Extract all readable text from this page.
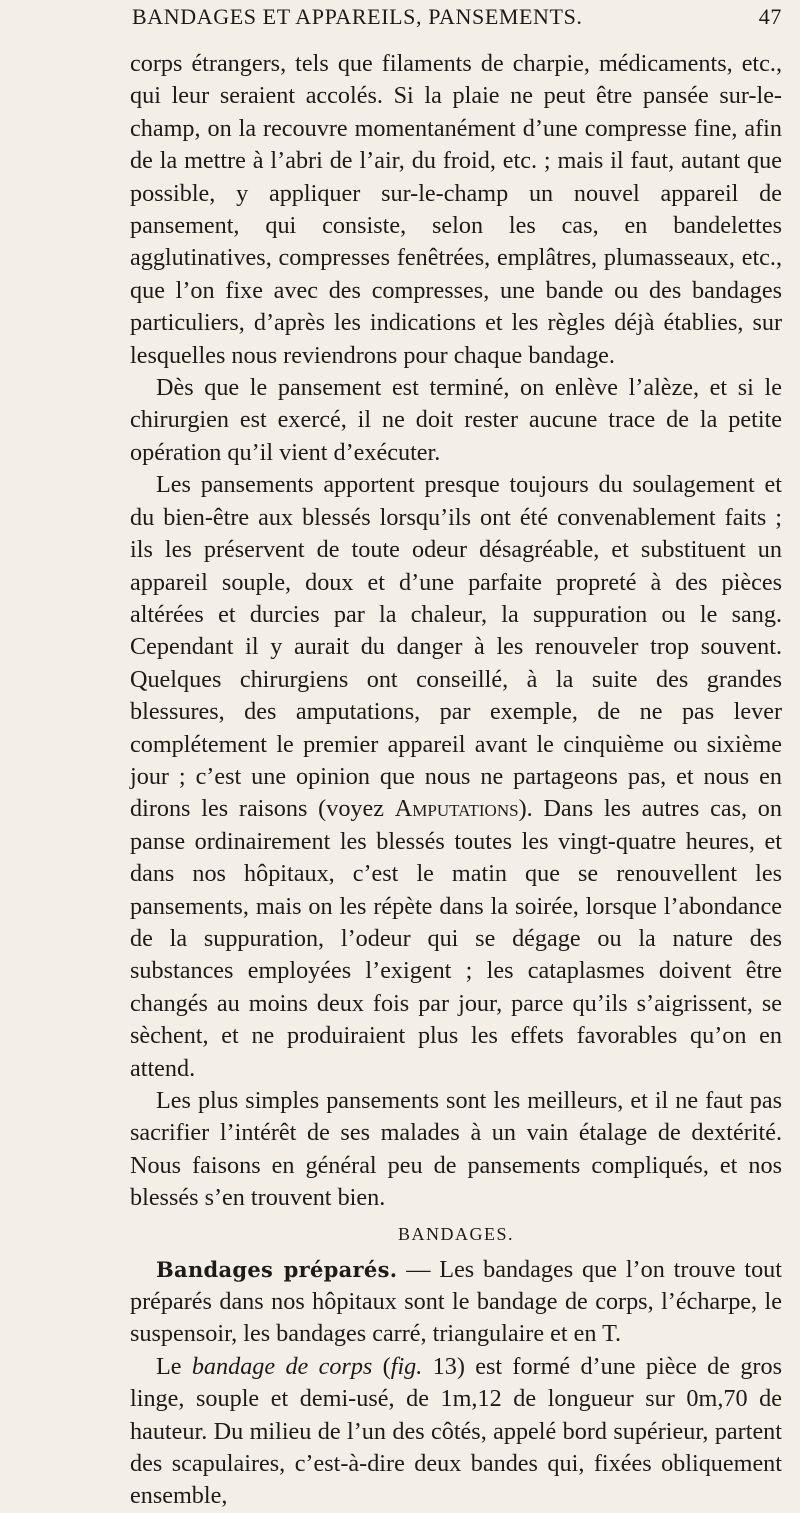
BANDAGES ET APPAREILS, PANSEMENTS.	47

corps étrangers, tels que filaments de charpie, médicaments, etc., qui leur seraient accolés. Si la plaie ne peut être pansée sur-le-champ, on la recouvre momentanément d’une compresse fine, afin de la mettre à l’abri de l’air, du froid, etc. ; mais il faut, autant que possible, y appliquer sur-le-champ un nouvel appareil de pansement, qui consiste, selon les cas, en bandelettes agglutinatives, compresses fenêtrées, emplâtres, plumasseaux, etc., que l’on fixe avec des compresses, une bande ou des bandages particuliers, d’après les indications et les règles déjà établies, sur lesquelles nous reviendrons pour chaque bandage.

Dès que le pansement est terminé, on enlève l’alèze, et si le chirurgien est exercé, il ne doit rester aucune trace de la petite opération qu’il vient d’exécuter.

Les pansements apportent presque toujours du soulagement et du bien-être aux blessés lorsqu’ils ont été convenablement faits ; ils les préservent de toute odeur désagréable, et substituent un appareil souple, doux et d’une parfaite propreté à des pièces altérées et durcies par la chaleur, la suppuration ou le sang. Cependant il y aurait du danger à les renouveler trop souvent. Quelques chirurgiens ont conseillé, à la suite des grandes blessures, des amputations, par exemple, de ne pas lever complétement le premier appareil avant le cinquième ou sixième jour ; c’est une opinion que nous ne partageons pas, et nous en dirons les raisons (voyez Amputations). Dans les autres cas, on panse ordinairement les blessés toutes les vingt-quatre heures, et dans nos hôpitaux, c’est le matin que se renouvellent les pansements, mais on les répète dans la soirée, lorsque l’abondance de la suppuration, l’odeur qui se dégage ou la nature des substances employées l’exigent ; les cataplasmes doivent être changés au moins deux fois par jour, parce qu’ils s’aigrissent, se sèchent, et ne produiraient plus les effets favorables qu’on en attend.

Les plus simples pansements sont les meilleurs, et il ne faut pas sacrifier l’intérêt de ses malades à un vain étalage de dextérité. Nous faisons en général peu de pansements compliqués, et nos blessés s’en trouvent bien.

BANDAGES.

Bandages préparés. — Les bandages que l’on trouve tout préparés dans nos hôpitaux sont le bandage de corps, l’écharpe, le suspensoir, les bandages carré, triangulaire et en T.

Le bandage de corps (fig. 13) est formé d’une pièce de gros linge, souple et demi-usé, de 1m,12 de longueur sur 0m,70 de hauteur. Du milieu de l’un des côtés, appelé bord supérieur, partent des scapulaires, c’est-à-dire deux bandes qui, fixées obliquement ensemble,
